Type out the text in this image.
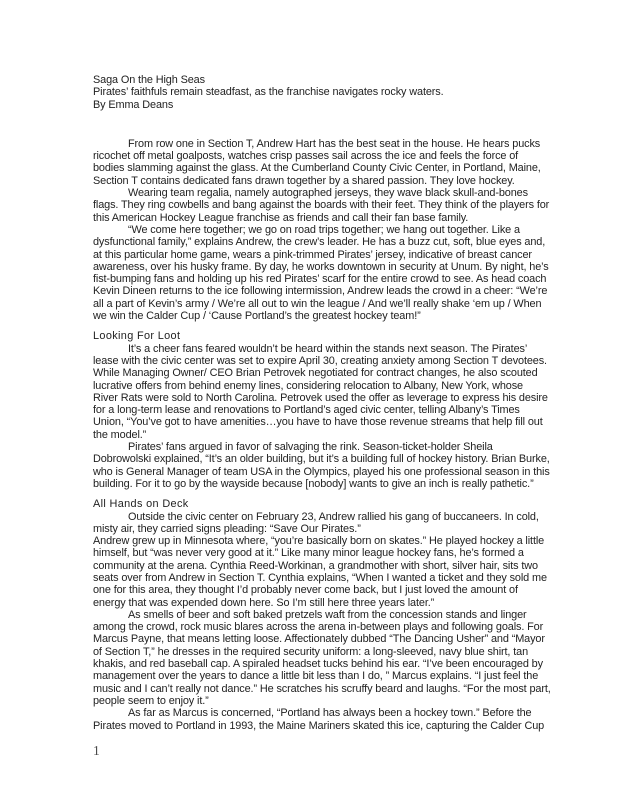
Saga On the High Seas
Pirates’ faithfuls remain steadfast, as the franchise navigates rocky waters.
By Emma Deans
From row one in Section T, Andrew Hart has the best seat in the house. He hears pucks
ricochet off metal goalposts, watches crisp passes sail across the ice and feels the force of
bodies slamming against the glass. At the Cumberland County Civic Center, in Portland, Maine,
Section T contains dedicated fans drawn together by a shared passion. They love hockey.
Wearing team regalia, namely autographed jerseys, they wave black skull-and-bones
flags. They ring cowbells and bang against the boards with their feet. They think of the players for
this American Hockey League franchise as friends and call their fan base family.
“We come here together; we go on road trips together; we hang out together. Like a
dysfunctional family,” explains Andrew, the crew’s leader. He has a buzz cut, soft, blue eyes and,
at this particular home game, wears a pink-trimmed Pirates’ jersey, indicative of breast cancer
awareness, over his husky frame. By day, he works downtown in security at Unum. By night, he’s
fist-bumping fans and holding up his red Pirates’ scarf for the entire crowd to see. As head coach
Kevin Dineen returns to the ice following intermission, Andrew leads the crowd in a cheer: “We’re
all a part of Kevin’s army / We’re all out to win the league / And we’ll really shake ‘em up / When
we win the Calder Cup / ‘Cause Portland’s the greatest hockey team!”
Looking For Loot
It’s a cheer fans feared wouldn’t be heard within the stands next season. The Pirates’
lease with the civic center was set to expire April 30, creating anxiety among Section T devotees.
While Managing Owner/ CEO Brian Petrovek negotiated for contract changes, he also scouted
lucrative offers from behind enemy lines, considering relocation to Albany, New York, whose
River Rats were sold to North Carolina. Petrovek used the offer as leverage to express his desire
for a long-term lease and renovations to Portland’s aged civic center, telling Albany’s Times
Union, “You’ve got to have amenities…you have to have those revenue streams that help fill out
the model.”
Pirates’ fans argued in favor of salvaging the rink. Season-ticket-holder Sheila
Dobrowolski explained, “It’s an older building, but it’s a building full of hockey history. Brian Burke,
who is General Manager of team USA in the Olympics, played his one professional season in this
building. For it to go by the wayside because [nobody] wants to give an inch is really pathetic.”
All Hands on Deck
Outside the civic center on February 23, Andrew rallied his gang of buccaneers. In cold,
misty air, they carried signs pleading: “Save Our Pirates.”
Andrew grew up in Minnesota where, “you’re basically born on skates.” He played hockey a little
himself, but “was never very good at it.” Like many minor league hockey fans, he’s formed a
community at the arena. Cynthia Reed-Workinan, a grandmother with short, silver hair, sits two
seats over from Andrew in Section T. Cynthia explains, “When I wanted a ticket and they sold me
one for this area, they thought I’d probably never come back, but I just loved the amount of
energy that was expended down here. So I’m still here three years later.”
As smells of beer and soft baked pretzels waft from the concession stands and linger
among the crowd, rock music blares across the arena in-between plays and following goals. For
Marcus Payne, that means letting loose. Affectionately dubbed “The Dancing Usher” and “Mayor
of Section T,” he dresses in the required security uniform: a long-sleeved, navy blue shirt, tan
khakis, and red baseball cap. A spiraled headset tucks behind his ear. “I’ve been encouraged by
management over the years to dance a little bit less than I do, ” Marcus explains. “I just feel the
music and I can’t really not dance.” He scratches his scruffy beard and laughs. “For the most part,
people seem to enjoy it.”
As far as Marcus is concerned, “Portland has always been a hockey town.” Before the
Pirates moved to Portland in 1993, the Maine Mariners skated this ice, capturing the Calder Cup
1
